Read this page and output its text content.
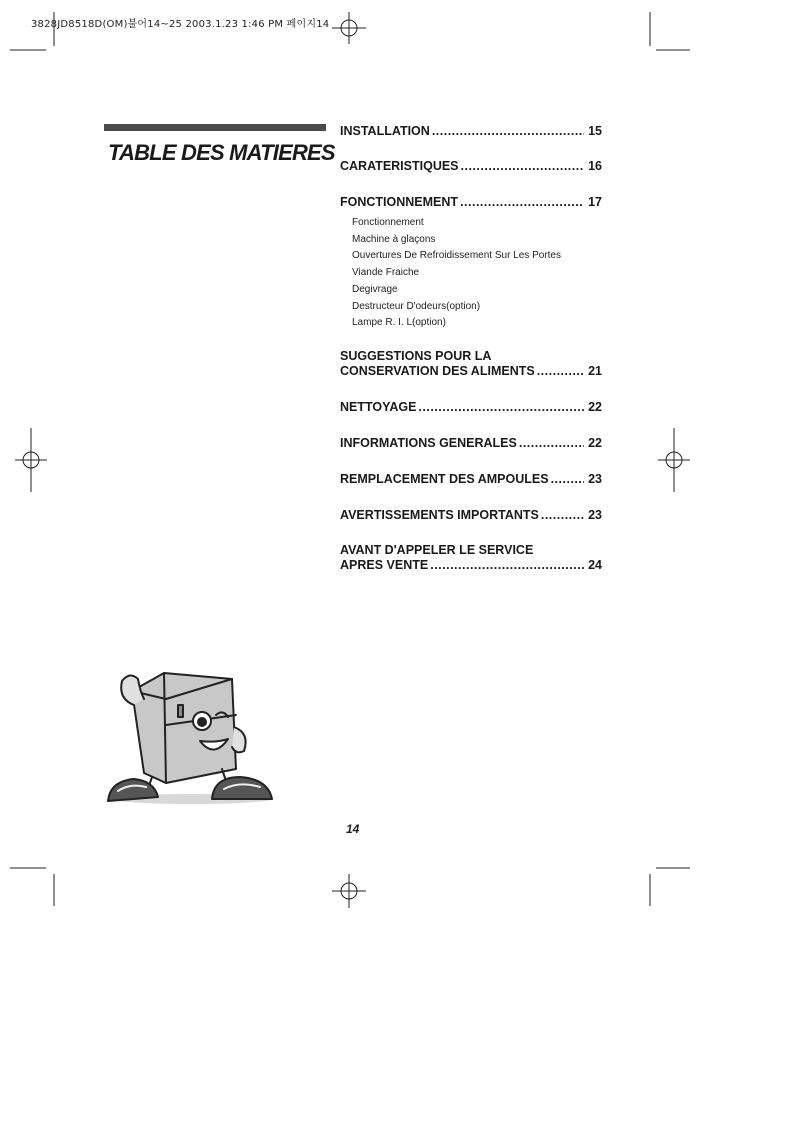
3828JD8518D(OM)불어14~25 2003.1.23 1:46 PM 페이지14
TABLE DES MATIERES
INSTALLATION .....	15
CARATERISTIQUES .....	16
FONCTIONNEMENT .....	17
Fonctionnement
Machine à glaçons
Ouvertures De Refroidissement Sur Les Portes
Viande Fraiche
Degivrage
Destructeur D'odeurs(option)
Lampe R. I. L(option)
SUGGESTIONS POUR LA
CONSERVATION DES ALIMENTS .....	21
NETTOYAGE .....	22
INFORMATIONS GENERALES .....	22
REMPLACEMENT DES AMPOULES .....	23
AVERTISSEMENTS IMPORTANTS .....	23
AVANT D'APPELER LE SERVICE
APRES VENTE .....	24
14
